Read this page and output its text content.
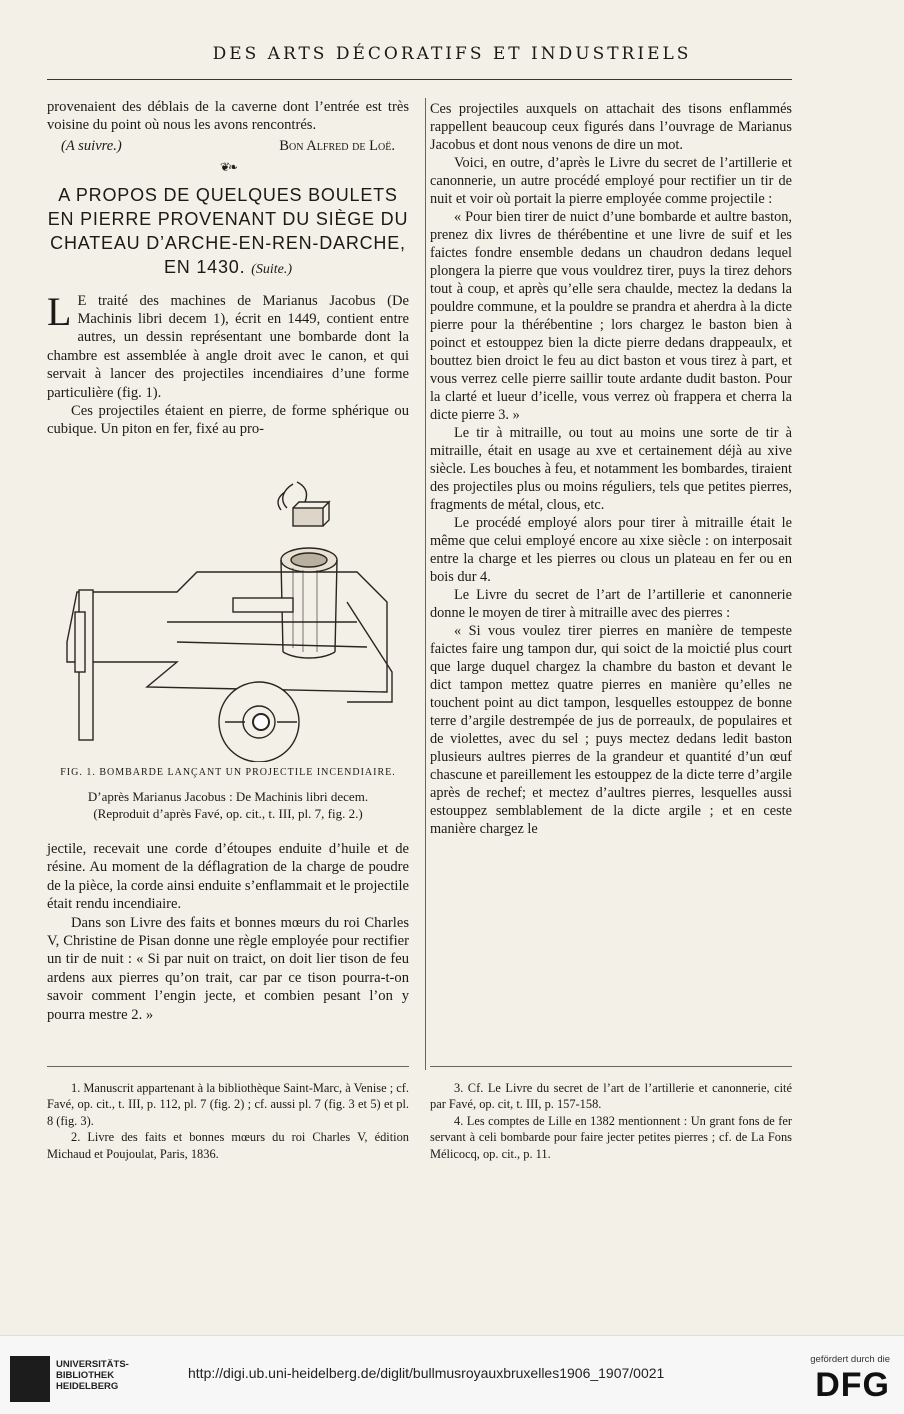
DES ARTS DÉCORATIFS ET INDUSTRIELS

provenaient des déblais de la caverne dont l’entrée est très voisine du point où nous les avons rencontrés.

(A suivre.)	Bon Alfred de Loë.
❦❧
A PROPOS DE QUELQUES BOULETS EN PIERRE PROVENANT DU SIÈGE DU CHATEAU D’ARCHE-EN-REN-DARCHE, EN 1430. (Suite.)

L E traité des machines de Marianus Jacobus (De Machinis libri decem 1), écrit en 1449, contient entre autres, un dessin représentant une bombarde dont la chambre est assemblée à angle droit avec le canon, et qui servait à lancer des projectiles incendiaires d’une forme particulière (fig. 1).

Ces projectiles étaient en pierre, de forme sphérique ou cubique. Un piton en fer, fixé au pro-

FIG. 1. BOMBARDE LANÇANT UN PROJECTILE INCENDIAIRE.
D’après Marianus Jacobus : De Machinis libri decem.
(Reproduit d’après Favé, op. cit., t. III, pl. 7, fig. 2.)

jectile, recevait une corde d’étoupes enduite d’huile et de résine. Au moment de la déflagration de la charge de poudre de la pièce, la corde ainsi enduite s’enflammait et le projectile était rendu incendiaire.

Dans son Livre des faits et bonnes mœurs du roi Charles V, Christine de Pisan donne une règle employée pour rectifier un tir de nuit : « Si par nuit on traict, on doit lier tison de feu ardens aux pierres qu’on trait, car par ce tison pourra-t-on savoir comment l’engin jecte, et combien pesant l’on y pourra mestre 2. »

Ces projectiles auxquels on attachait des tisons enflammés rappellent beaucoup ceux figurés dans l’ouvrage de Marianus Jacobus et dont nous venons de dire un mot.

Voici, en outre, d’après le Livre du secret de l’artillerie et canonnerie, un autre procédé employé pour rectifier un tir de nuit et voir où portait la pierre employée comme projectile :

« Pour bien tirer de nuict d’une bombarde et aultre baston, prenez dix livres de thérébentine et une livre de suif et les faictes fondre ensemble dedans un chaudron dedans lequel plongera la pierre que vous vouldrez tirer, puys la tirez dehors tout à coup, et après qu’elle sera chaulde, mectez la dedans la pouldre commune, et la pouldre se prandra et aherdra à la dicte pierre pour la thérébentine ; lors chargez le baston bien à poinct et estouppez bien la dicte pierre dedans drappeaulx, et bouttez bien droict le feu au dict baston et vous tirez à part, et vous verrez celle pierre saillir toute ardante dudit baston. Pour la clarté et lueur d’icelle, vous verrez où frappera et cherra la dicte pierre 3. »

Le tir à mitraille, ou tout au moins une sorte de tir à mitraille, était en usage au xve et certainement déjà au xive siècle. Les bouches à feu, et notamment les bombardes, tiraient des projectiles plus ou moins réguliers, tels que petites pierres, fragments de métal, clous, etc.

Le procédé employé alors pour tirer à mitraille était le même que celui employé encore au xixe siècle : on interposait entre la charge et les pierres ou clous un plateau en fer ou en bois dur 4.

Le Livre du secret de l’art de l’artillerie et canonnerie donne le moyen de tirer à mitraille avec des pierres :

« Si vous voulez tirer pierres en manière de tempeste faictes faire ung tampon dur, qui soict de la moictié plus court que large duquel chargez la chambre du baston et devant le dict tampon mettez quatre pierres en manière qu’elles ne touchent point au dict tampon, lesquelles estouppez de bonne terre d’argile destrempée de jus de porreaulx, de populaires et de violettes, avec du sel ; puys mectez dedans ledit baston plusieurs aultres pierres de la grandeur et quantité d’un œuf chascune et pareillement les estouppez de la dicte terre d’argile après de rechef; et mectez d’aultres pierres, lesquelles aussi estouppez semblablement de la dicte argile ; et en ceste manière chargez le

1. Manuscrit appartenant à la bibliothèque Saint-Marc, à Venise ; cf. Favé, op. cit., t. III, p. 112, pl. 7 (fig. 2) ; cf. aussi pl. 7 (fig. 3 et 5) et pl. 8 (fig. 3).
2. Livre des faits et bonnes mœurs du roi Charles V, édition Michaud et Poujoulat, Paris, 1836.
3. Cf. Le Livre du secret de l’art de l’artillerie et canonnerie, cité par Favé, op. cit, t. III, p. 157-158.
4. Les comptes de Lille en 1382 mentionnent : Un grant fons de fer servant à celi bombarde pour faire jecter petites pierres ; cf. de La Fons Mélicocq, op. cit., p. 11.
UNIVERSITÄTS-
BIBLIOTHEK
HEIDELBERG
http://digi.ub.uni-heidelberg.de/diglit/bullmusroyauxbruxelles1906_1907/0021
gefördert durch die
DFG
